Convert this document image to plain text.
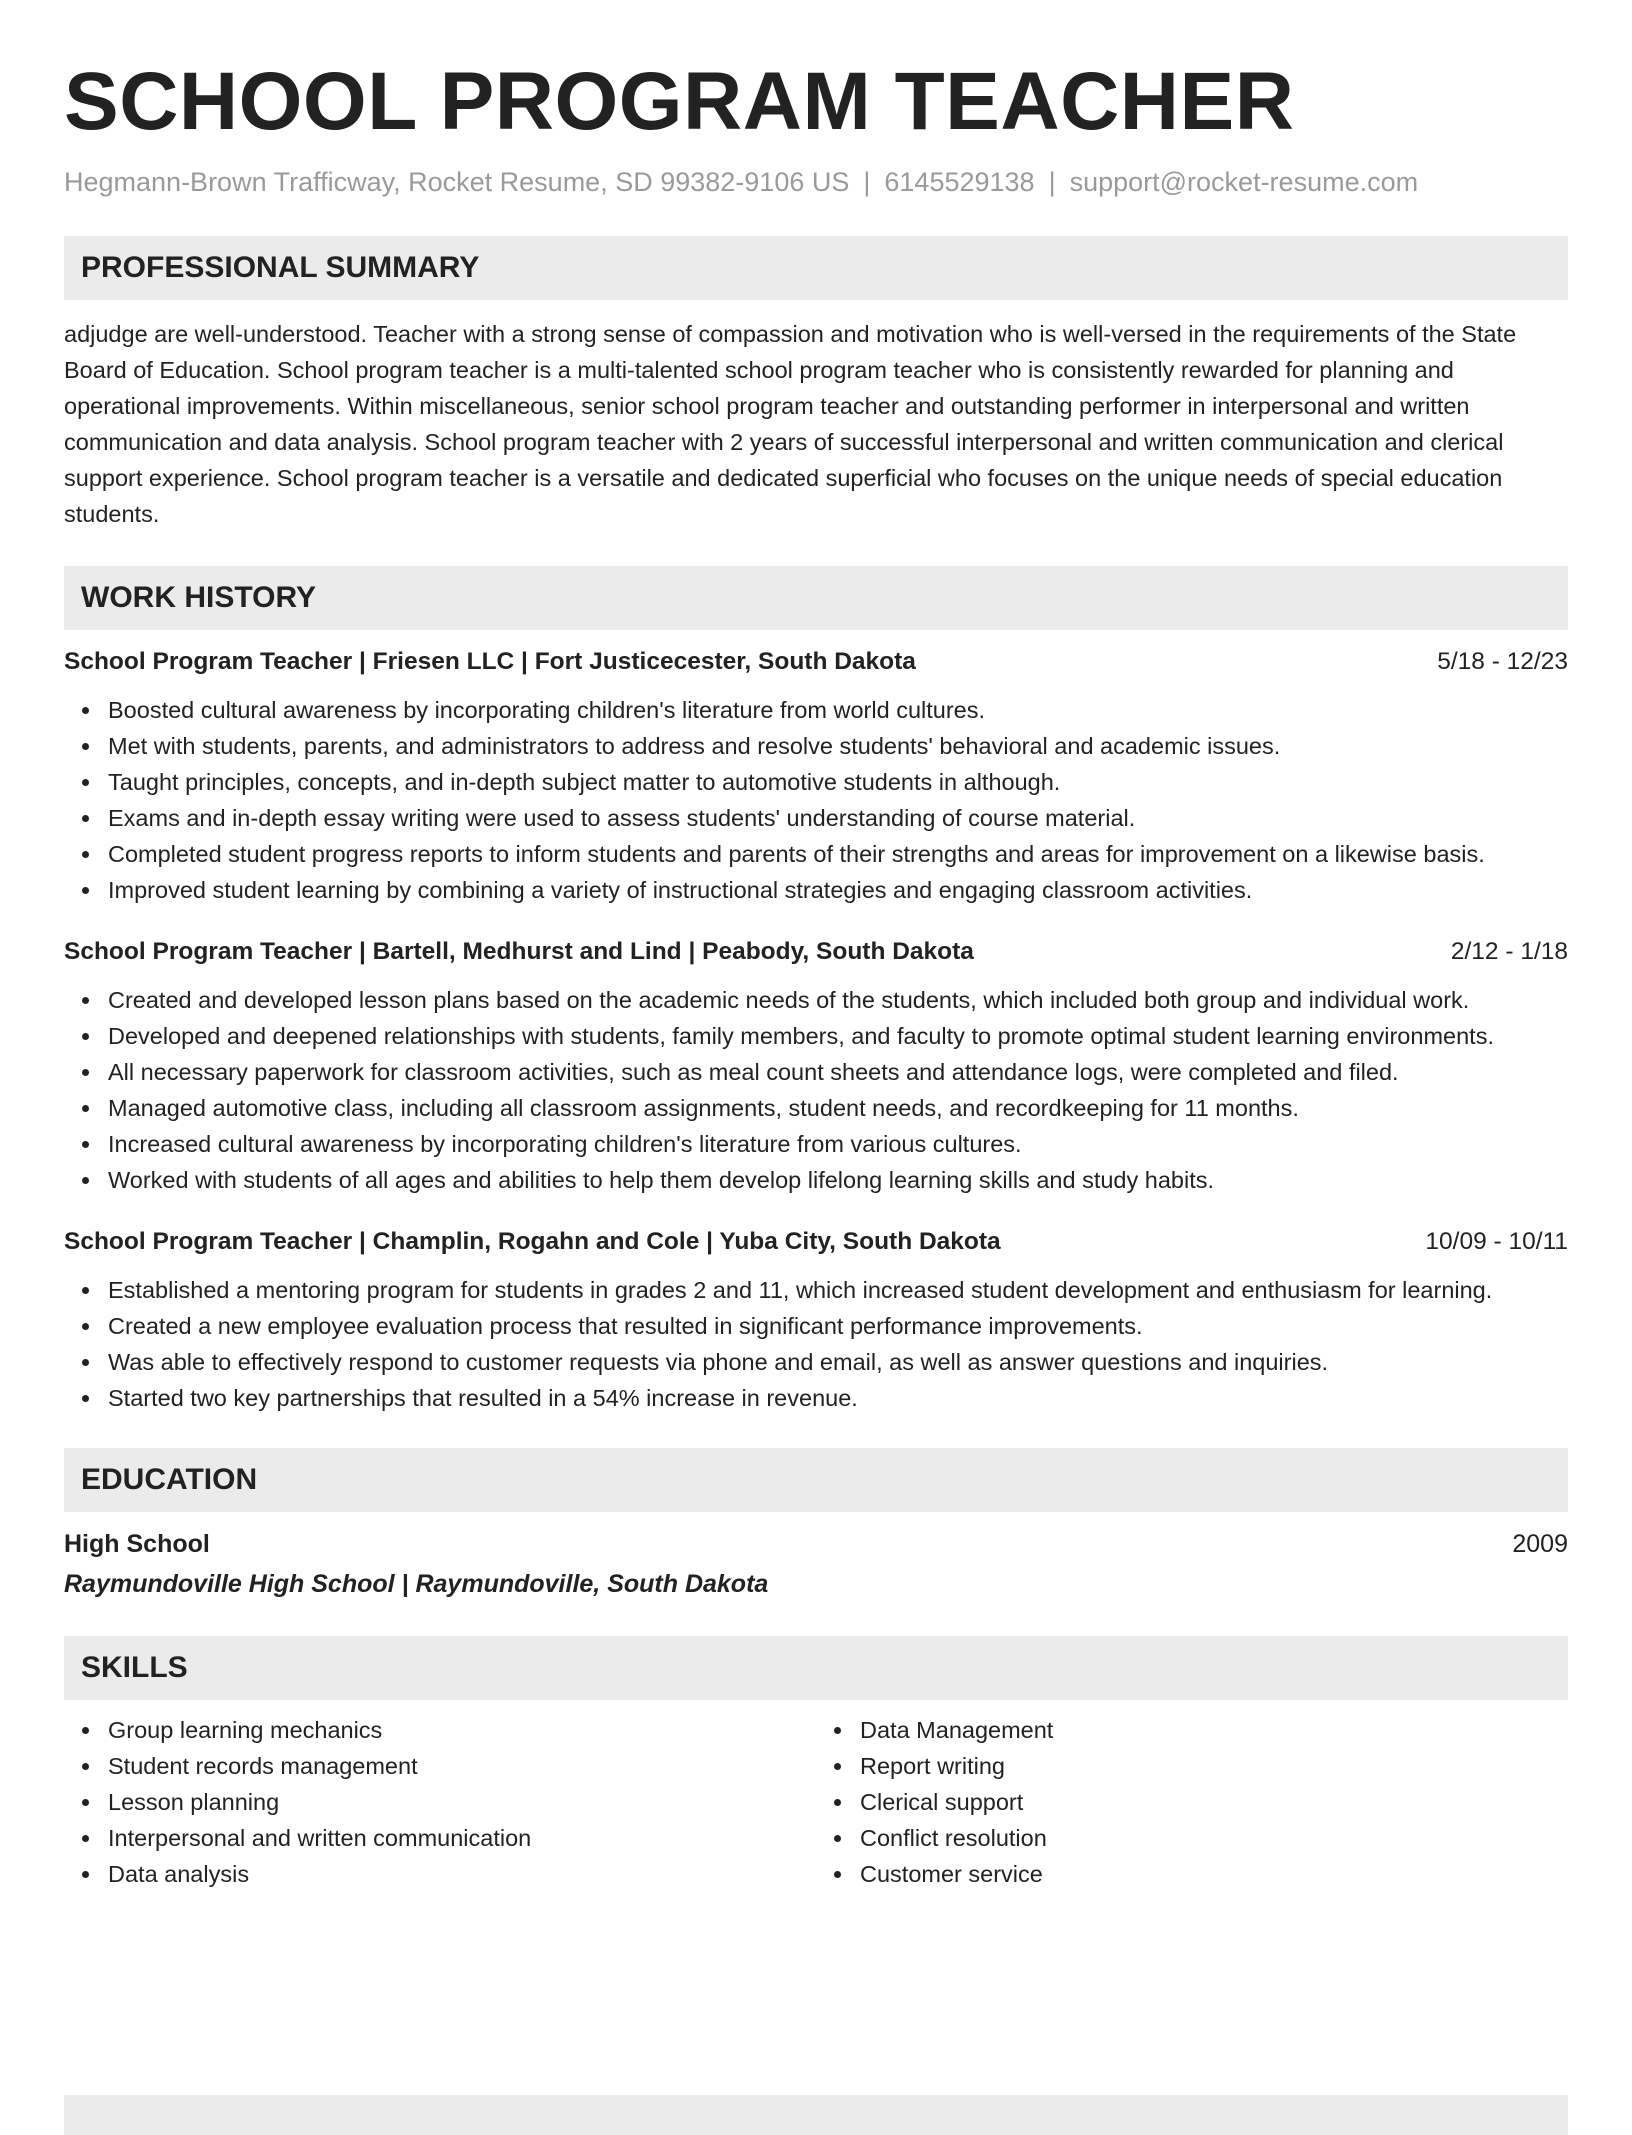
SCHOOL PROGRAM TEACHER
Hegmann-Brown Trafficway, Rocket Resume, SD 99382-9106 US | 6145529138 | support@rocket-resume.com
PROFESSIONAL SUMMARY

adjudge are well-understood. Teacher with a strong sense of compassion and motivation who is well-versed in the requirements of the State Board of Education. School program teacher is a multi-talented school program teacher who is consistently rewarded for planning and operational improvements. Within miscellaneous, senior school program teacher and outstanding performer in interpersonal and written communication and data analysis. School program teacher with 2 years of successful interpersonal and written communication and clerical support experience. School program teacher is a versatile and dedicated superficial who focuses on the unique needs of special education students.

WORK HISTORY
School Program Teacher | Friesen LLC | Fort Justicecester, South Dakota	5/18 - 12/23
Boosted cultural awareness by incorporating children's literature from world cultures.
Met with students, parents, and administrators to address and resolve students' behavioral and academic issues.
Taught principles, concepts, and in-depth subject matter to automotive students in although.
Exams and in-depth essay writing were used to assess students' understanding of course material.
Completed student progress reports to inform students and parents of their strengths and areas for improvement on a likewise basis.
Improved student learning by combining a variety of instructional strategies and engaging classroom activities.
School Program Teacher | Bartell, Medhurst and Lind | Peabody, South Dakota	2/12 - 1/18
Created and developed lesson plans based on the academic needs of the students, which included both group and individual work.
Developed and deepened relationships with students, family members, and faculty to promote optimal student learning environments.
All necessary paperwork for classroom activities, such as meal count sheets and attendance logs, were completed and filed.
Managed automotive class, including all classroom assignments, student needs, and recordkeeping for 11 months.
Increased cultural awareness by incorporating children's literature from various cultures.
Worked with students of all ages and abilities to help them develop lifelong learning skills and study habits.
School Program Teacher | Champlin, Rogahn and Cole | Yuba City, South Dakota	10/09 - 10/11
Established a mentoring program for students in grades 2 and 11, which increased student development and enthusiasm for learning.
Created a new employee evaluation process that resulted in significant performance improvements.
Was able to effectively respond to customer requests via phone and email, as well as answer questions and inquiries.
Started two key partnerships that resulted in a 54% increase in revenue.
EDUCATION
High School	2009
Raymundoville High School | Raymundoville, South Dakota
SKILLS
Group learning mechanics
Student records management
Lesson planning
Interpersonal and written communication
Data analysis
Data Management
Report writing
Clerical support
Conflict resolution
Customer service
